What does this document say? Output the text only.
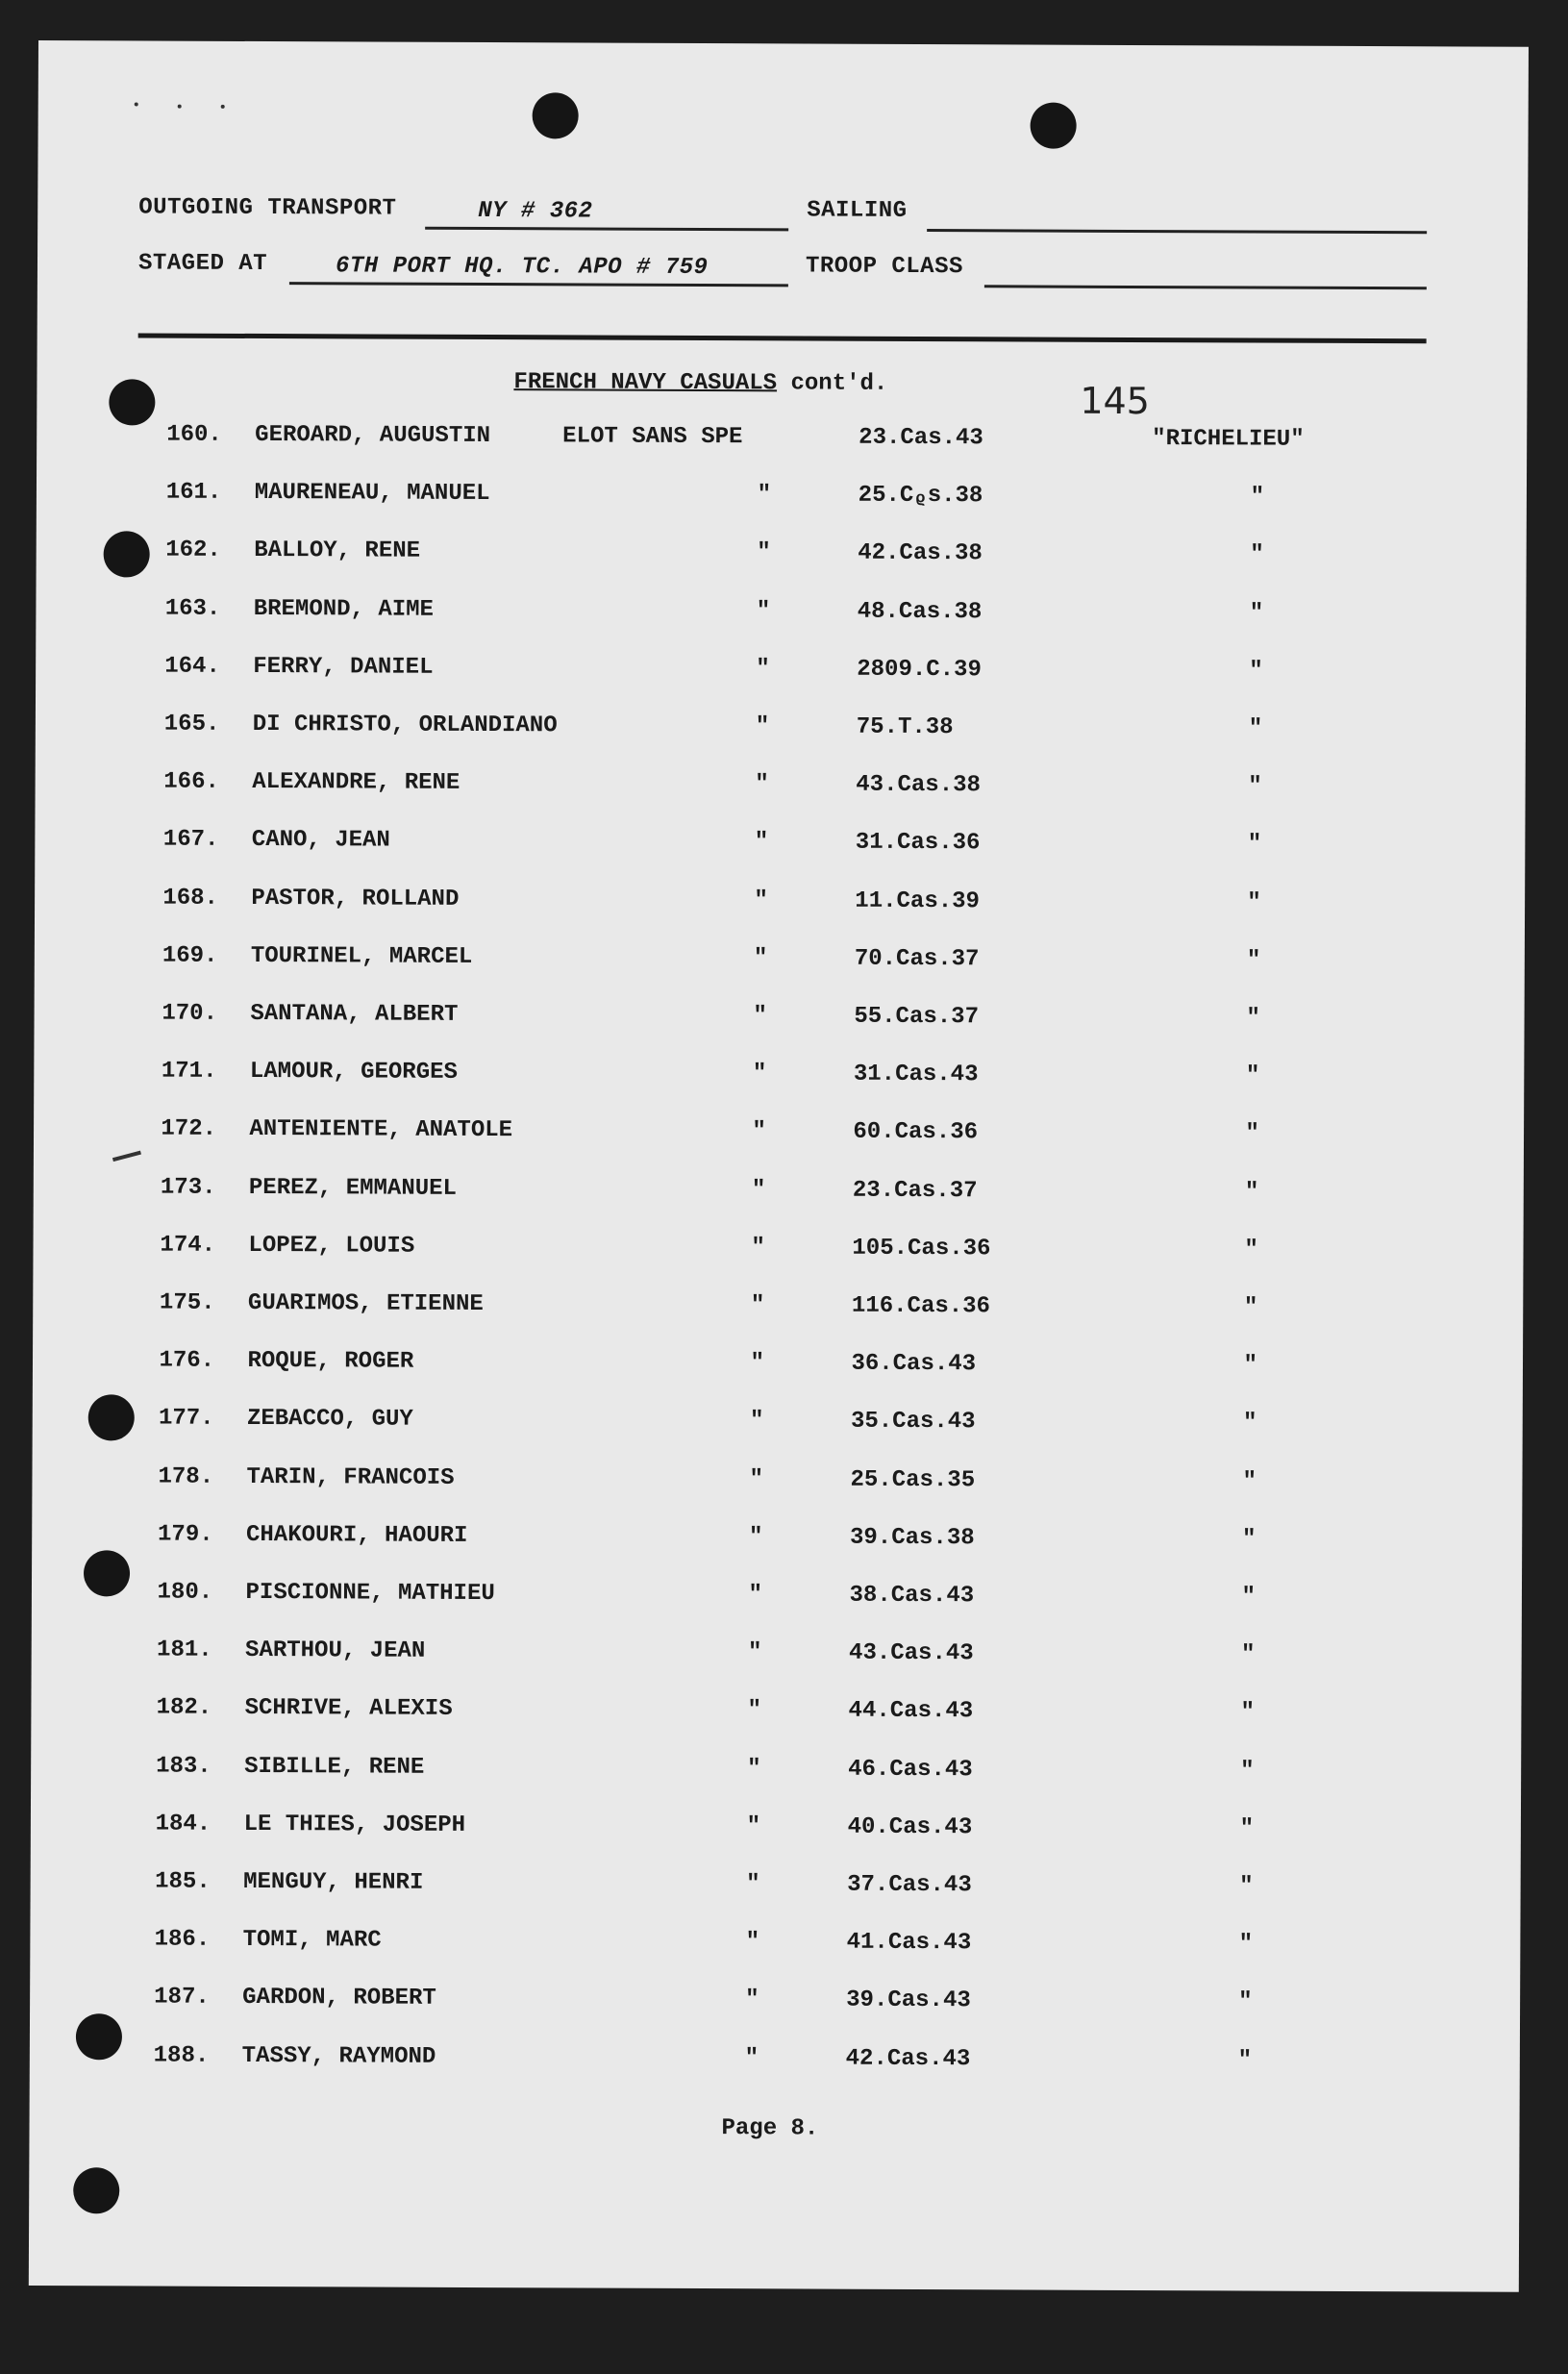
OUTGOING TRANSPORT	NY # 362	SAILING
STAGED AT	6TH PORT HQ. TC. APO # 759	TROOP CLASS
FRENCH NAVY CASUALS cont'd.	145
160. GEROARD, AUGUSTIN	ELOT SANS SPE	23.Cas.43	"RICHELIEU"
161. MAURENEAU, MANUEL	"	25.Cᵨs.38	"
162. BALLOY, RENE	"	42.Cas.38	"
163. BREMOND, AIME	"	48.Cas.38	"
164. FERRY, DANIEL	"	2809.C.39	"
165. DI CHRISTO, ORLANDIANO	"	75.T.38	"
166. ALEXANDRE, RENE	"	43.Cas.38	"
167. CANO, JEAN	"	31.Cas.36	"
168. PASTOR, ROLLAND	"	11.Cas.39	"
169. TOURINEL, MARCEL	"	70.Cas.37	"
170. SANTANA, ALBERT	"	55.Cas.37	"
171. LAMOUR, GEORGES	"	31.Cas.43	"
172. ANTENIENTE, ANATOLE	"	60.Cas.36	"
173. PEREZ, EMMANUEL	"	23.Cas.37	"
174. LOPEZ, LOUIS	"	105.Cas.36	"
175. GUARIMOS, ETIENNE	"	116.Cas.36	"
176. ROQUE, ROGER	"	36.Cas.43	"
177. ZEBACCO, GUY	"	35.Cas.43	"
178. TARIN, FRANCOIS	"	25.Cas.35	"
179. CHAKOURI, HAOURI	"	39.Cas.38	"
180. PISCIONNE, MATHIEU	"	38.Cas.43	"
181. SARTHOU, JEAN	"	43.Cas.43	"
182. SCHRIVE, ALEXIS	"	44.Cas.43	"
183. SIBILLE, RENE	"	46.Cas.43	"
184. LE THIES, JOSEPH	"	40.Cas.43	"
185. MENGUY, HENRI	"	37.Cas.43	"
186. TOMI, MARC	"	41.Cas.43	"
187. GARDON, ROBERT	"	39.Cas.43	"
188. TASSY, RAYMOND	"	42.Cas.43	"
Page 8.
